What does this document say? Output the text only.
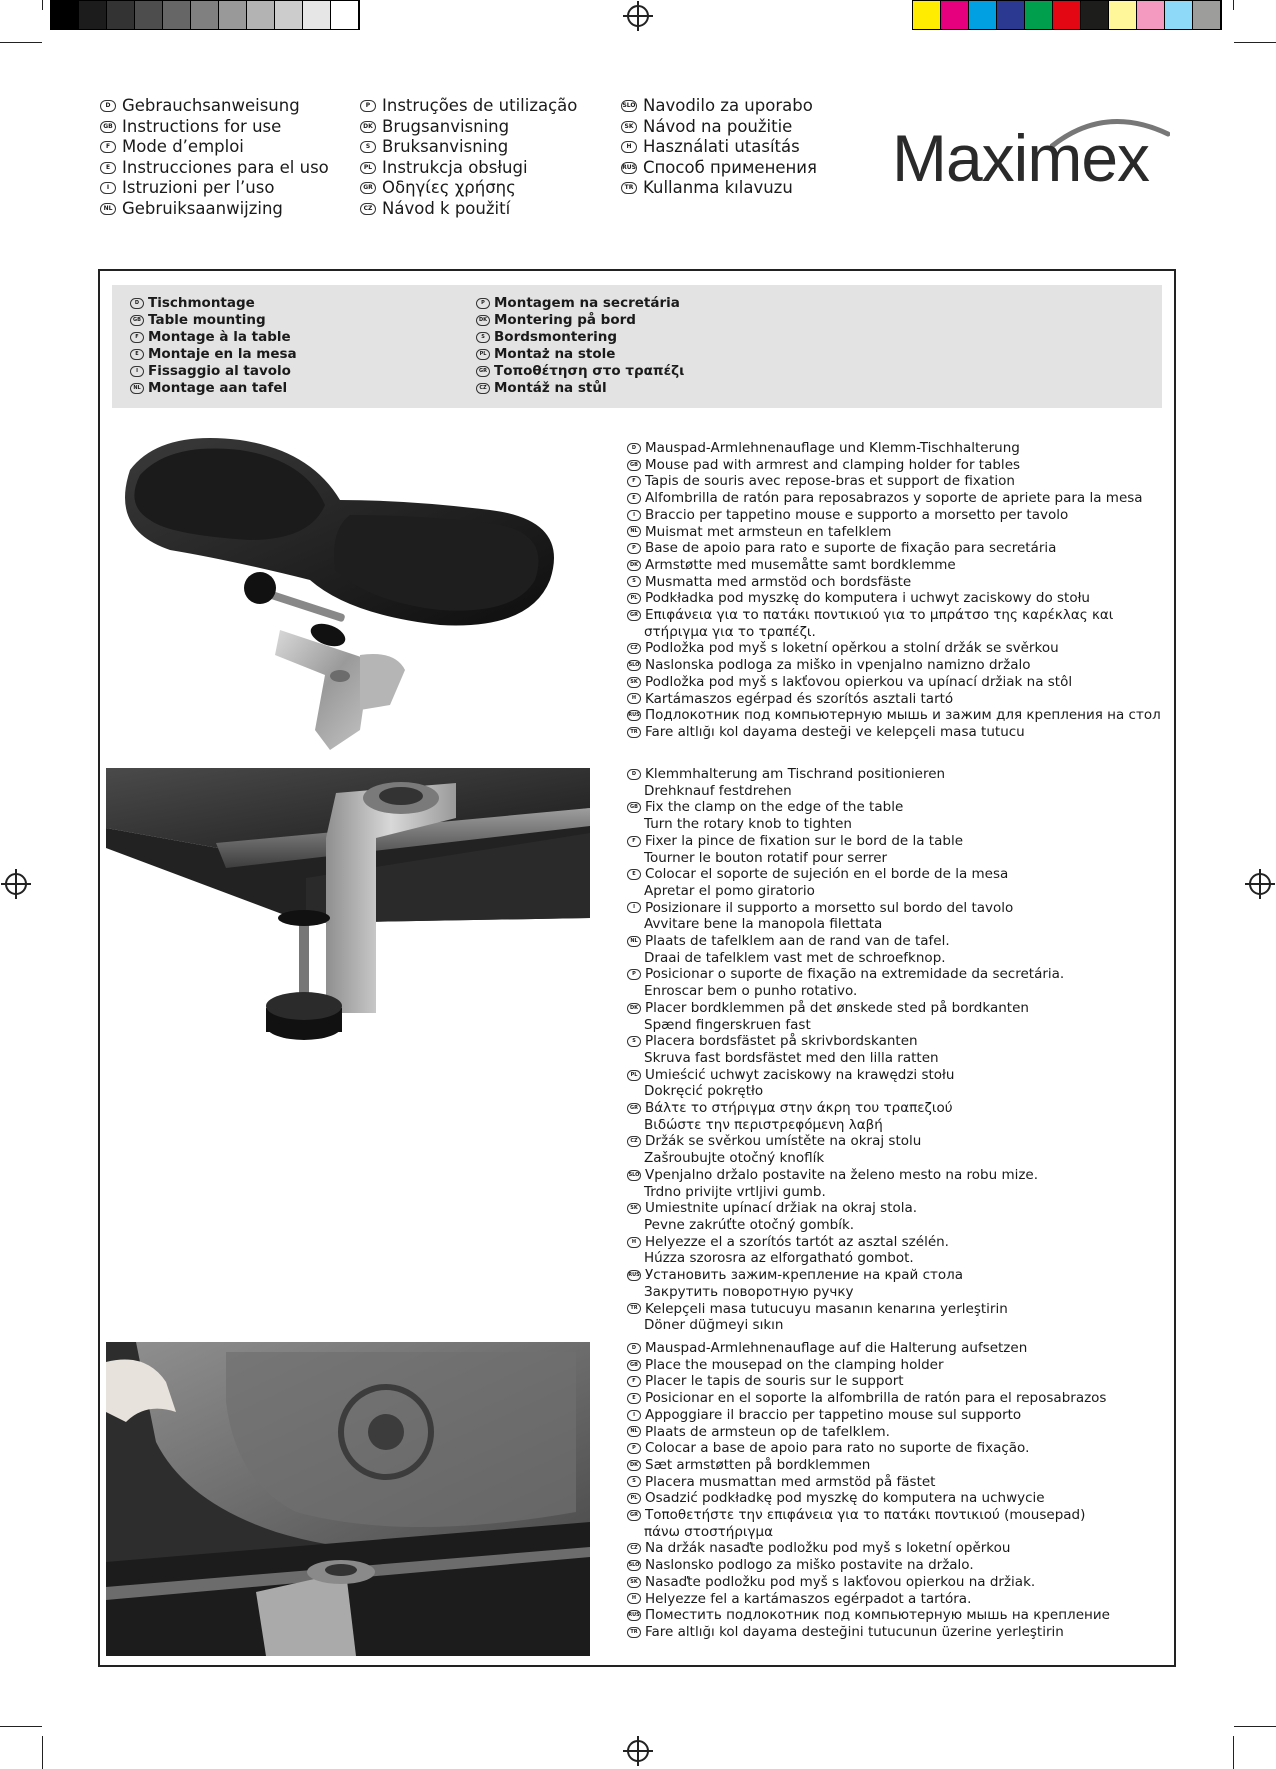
D Gebrauchsanweisung
GB Instructions for use
F Mode d’emploi
E Instrucciones para el uso
I Istruzioni per l’uso
NL Gebruiksaanwijzing
P Instruções de utilização
DK Brugsanvisning
S Bruksanvisning
PL Instrukcja obsługi
GR Οδηγίες χρήσης
CZ Návod k použití
SLO Navodilo za uporabo
SK Návod na použitie
H Használati utasítás
RUS Способ применения
TR Kullanma kılavuzu Maximex
D Tischmontage
GB Table mounting
F Montage à la table
E Montaje en la mesa
I Fissaggio al tavolo
NL Montage aan tafel
P Montagem na secretária
DK Montering på bord
S Bordsmontering
PL Montaż na stole
GR Τοποθέτηση στο τραπέζι
CZ Montáž na stůl
D Mauspad-Armlehnenauflage und Klemm-Tischhalterung
GB Mouse pad with armrest and clamping holder for tables
F Tapis de souris avec repose-bras et support de fixation
E Alfombrilla de ratón para reposabrazos y soporte de apriete para la mesa
I Braccio per tappetino mouse e supporto a morsetto per tavolo
NL Muismat met armsteun en tafelklem
P Base de apoio para rato e suporte de fixação para secretária
DK Armstøtte med musemåtte samt bordklemme
S Musmatta med armstöd och bordsfäste
PL Podkładka pod myszkę do komputera i uchwyt zaciskowy do stołu
GR Επιφάνεια για το πατάκι ποντικιού για το μπράτσο της καρέκλας και
στήριγμα για το τραπέζι.
CZ Podložka pod myš s loketní opěrkou a stolní držák se svěrkou
SLO Naslonska podloga za miško in vpenjalno namizno držalo
SK Podložka pod myš s lakťovou opierkou va upínací držiak na stôl
H Kartámaszos egérpad és szorítós asztali tartó
RUS Подлокотник под компьютерную мышь и зажим для крепления на стол
TR Fare altlığı kol dayama desteği ve kelepçeli masa tutucu
D Klemmhalterung am Tischrand positionieren
Drehknauf festdrehen
GB Fix the clamp on the edge of the table
Turn the rotary knob to tighten
F Fixer la pince de fixation sur le bord de la table
Tourner le bouton rotatif pour serrer
E Colocar el soporte de sujeción en el borde de la mesa
Apretar el pomo giratorio
I Posizionare il supporto a morsetto sul bordo del tavolo
Avvitare bene la manopola filettata
NL Plaats de tafelklem aan de rand van de tafel.
Draai de tafelklem vast met de schroefknop.
P Posicionar o suporte de fixação na extremidade da secretária.
Enroscar bem o punho rotativo.
DK Placer bordklemmen på det ønskede sted på bordkanten
Spænd fingerskruen fast
S Placera bordsfästet på skrivbordskanten
Skruva fast bordsfästet med den lilla ratten
PL Umieścić uchwyt zaciskowy na krawędzi stołu
Dokręcić pokrętło
GR Βάλτε το στήριγμα στην άκρη του τραπεζιού
Βιδώστε την περιστρεφόμενη λαβή
CZ Držák se svěrkou umístěte na okraj stolu
Zašroubujte otočný knoflík
SLO Vpenjalno držalo postavite na želeno mesto na robu mize.
Trdno privijte vrtljivi gumb.
SK Umiestnite upínací držiak na okraj stola.
Pevne zakrúťte otočný gombík.
H Helyezze el a szorítós tartót az asztal szélén.
Húzza szorosra az elforgatható gombot.
RUS Установить зажим-крепление на край стола
Закрутить поворотную ручку
TR Kelepçeli masa tutucuyu masanın kenarına yerleştirin
Döner düğmeyi sıkın
D Mauspad-Armlehnenauflage auf die Halterung aufsetzen
GB Place the mousepad on the clamping holder
F Placer le tapis de souris sur le support
E Posicionar en el soporte la alfombrilla de ratón para el reposabrazos
I Appoggiare il braccio per tappetino mouse sul supporto
NL Plaats de armsteun op de tafelklem.
P Colocar a base de apoio para rato no suporte de fixação.
DK Sæt armstøtten på bordklemmen
S Placera musmattan med armstöd på fästet
PL Osadzić podkładkę pod myszkę do komputera na uchwycie
GR Τοποθετήστε την επιφάνεια για το πατάκι ποντικιού (mousepad)
πάνω στοστήριγμα
CZ Na držák nasaďte podložku pod myš s loketní opěrkou
SLO Naslonsko podlogo za miško postavite na držalo.
SK Nasaďte podložku pod myš s lakťovou opierkou na držiak.
H Helyezze fel a kartámaszos egérpadot a tartóra.
RUS Поместить подлокотник под компьютерную мышь на крепление
TR Fare altlığı kol dayama desteğini tutucunun üzerine yerleştirin
